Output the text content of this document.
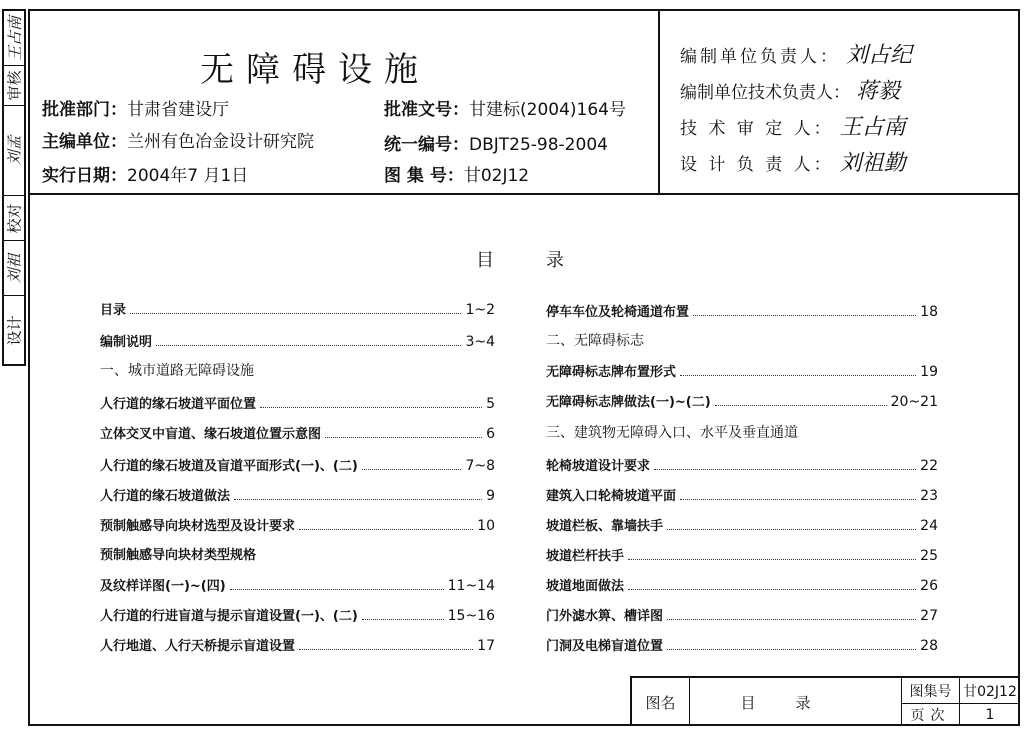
王占南
审核
刘孟
校对
刘祖
设计
无障碍设施
批准部门：甘肃省建设厅
主编单位：兰州有色冶金设计研究院
实行日期：2004年7 月1日
批准文号：甘建标(2004)164号
统一编号：DBJT25-98-2004
图 集 号：甘02J12
编制单位负责人： 刘占纪
编制单位技术负责人： 蒋毅
技 术 审 定 人： 王占南
设 计 负 责 人： 刘祖勤
目录
目录	1~2
编制说明	3~4
一、城市道路无障碍设施
人行道的缘石坡道平面位置	5
立体交叉中盲道、缘石坡道位置示意图	6
人行道的缘石坡道及盲道平面形式(一)、(二)	7~8
人行道的缘石坡道做法	9
预制触感导向块材选型及设计要求	10
预制触感导向块材类型规格
及纹样详图(一)~(四)	11~14
人行道的行进盲道与提示盲道设置(一)、(二)	15~16
人行地道、人行天桥提示盲道设置	17
停车车位及轮椅通道布置	18
二、无障碍标志
无障碍标志牌布置形式	19
无障碍标志牌做法(一)~(二)	20~21
三、建筑物无障碍入口、水平及垂直通道
轮椅坡道设计要求	22
建筑入口轮椅坡道平面	23
坡道栏板、靠墙扶手	24
坡道栏杆扶手	25
坡道地面做法	26
门外滤水箅、槽详图	27
门洞及电梯盲道位置	28
图名	目录
图集号 甘02J12
页次	1
